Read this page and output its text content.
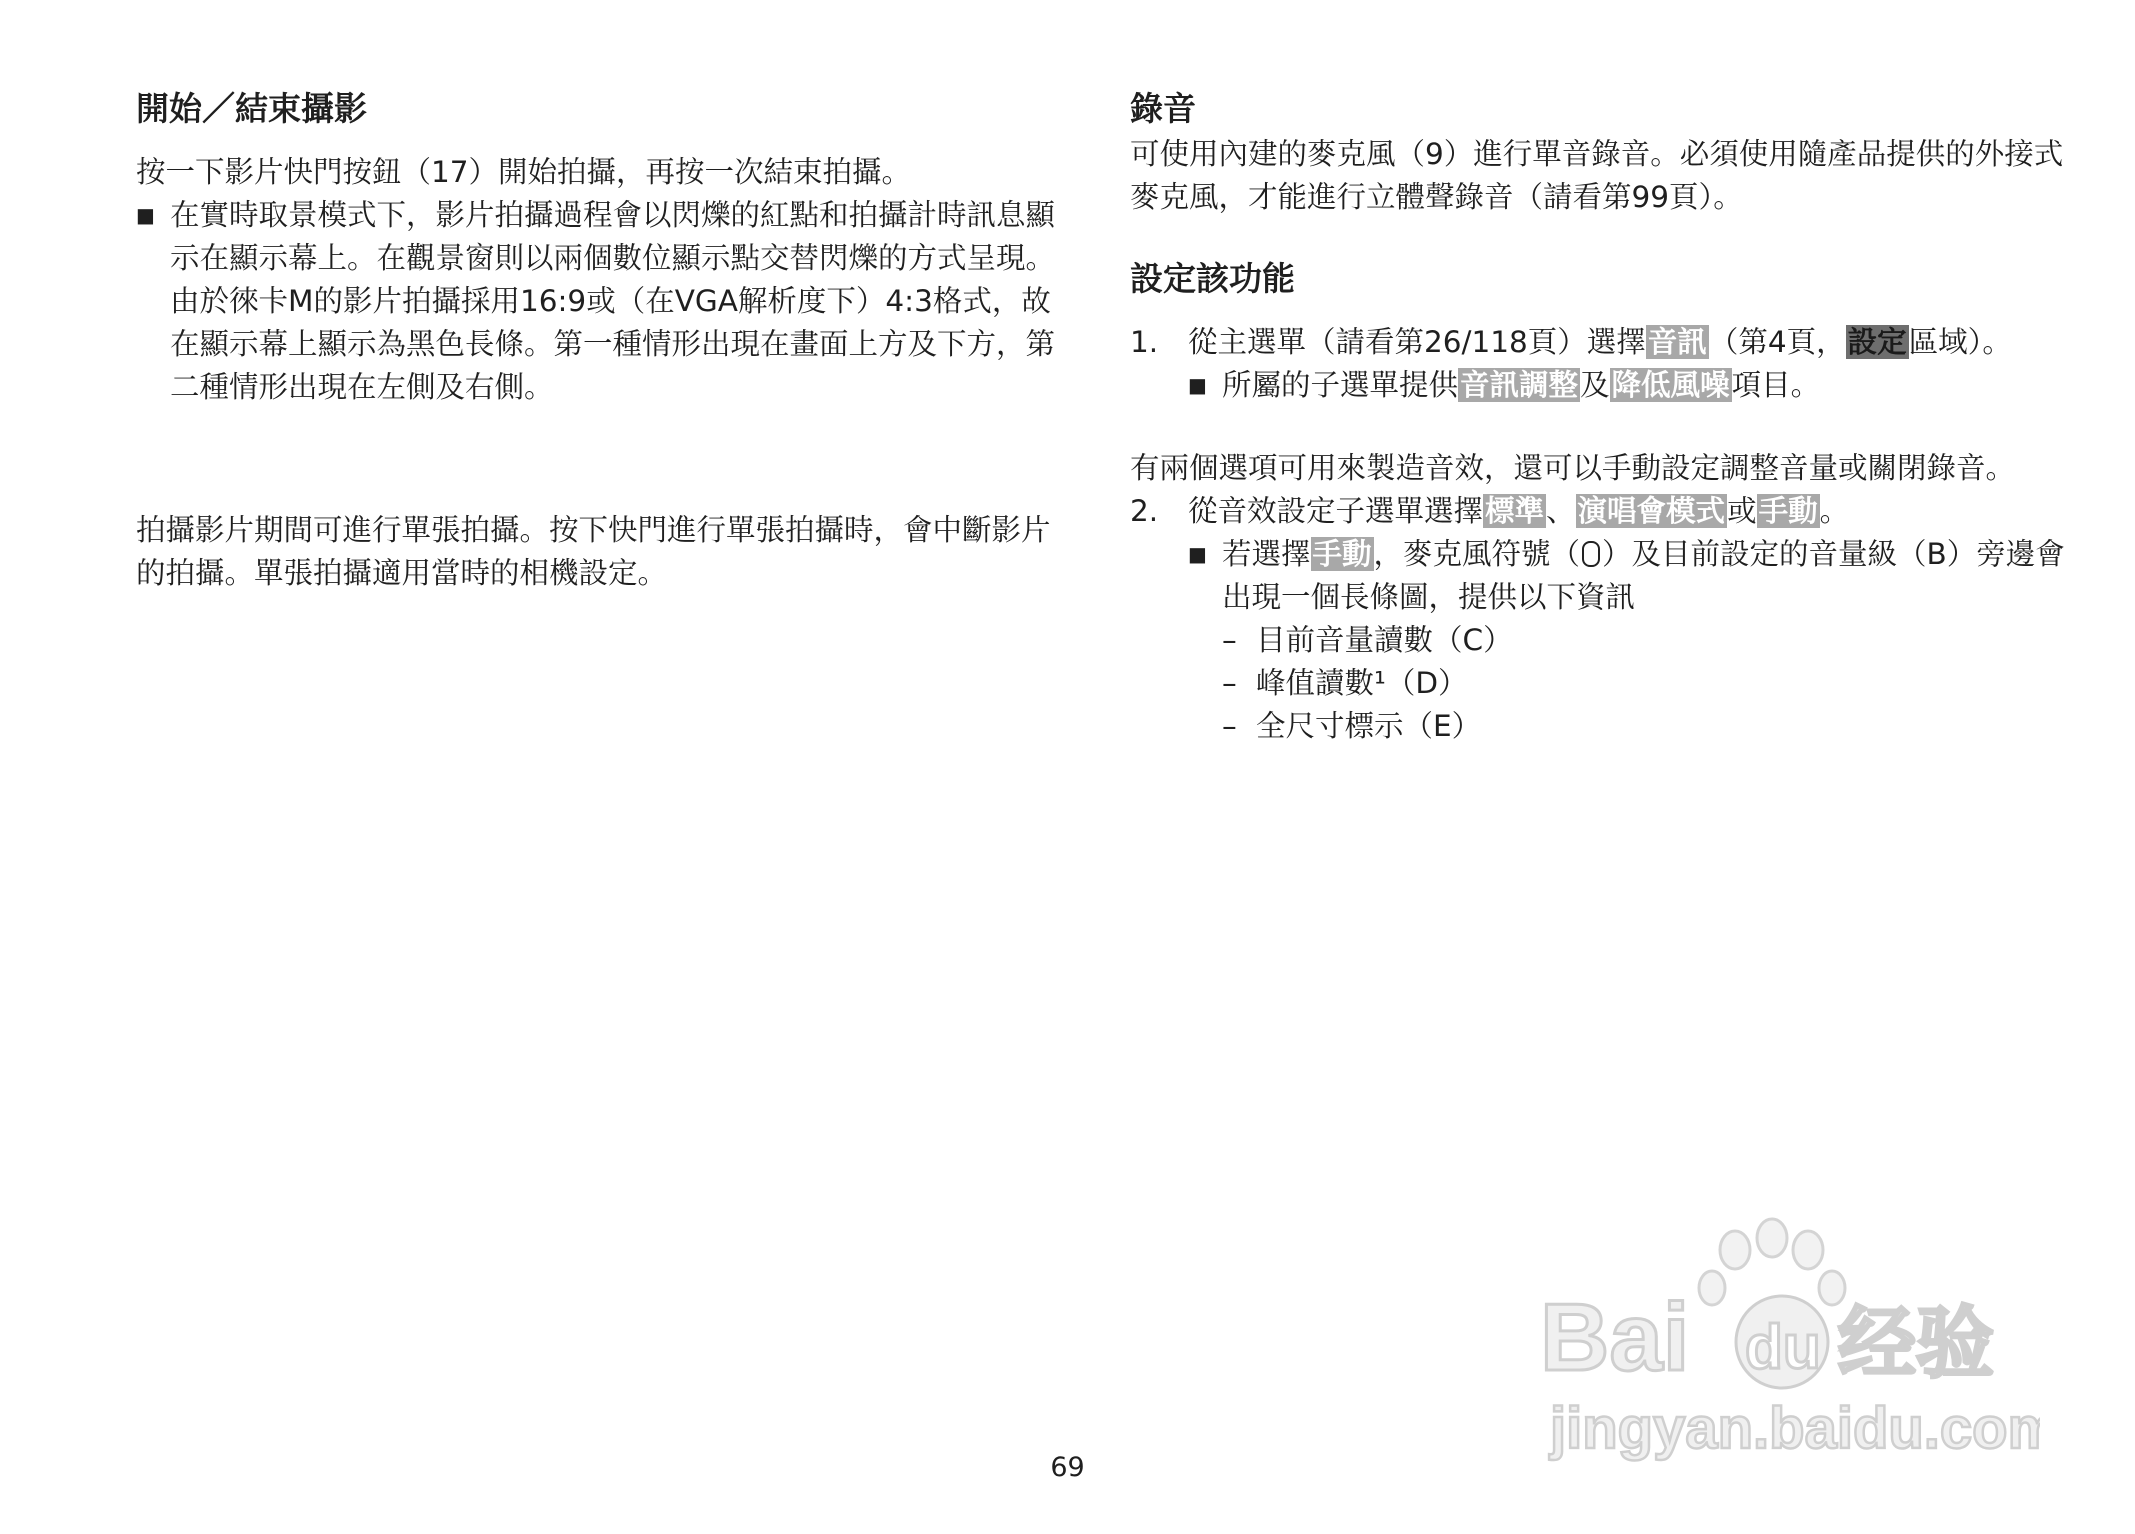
開始／結束攝影

按一下影片快門按鈕（17）開始拍攝，再按一次結束拍攝。

■ 在實時取景模式下，影片拍攝過程會以閃爍的紅點和拍攝計時訊息顯示在顯示幕上。在觀景窗則以兩個數位顯示點交替閃爍的方式呈現。

由於徠卡M的影片拍攝採用16:9或（在VGA解析度下）4:3格式，故在顯示幕上顯示為黑色長條。第一種情形出現在畫面上方及下方，第二種情形出現在左側及右側。

拍攝影片期間可進行單張拍攝。按下快門進行單張拍攝時，會中斷影片的拍攝。單張拍攝適用當時的相機設定。

錄音

可使用內建的麥克風（9）進行單音錄音。必須使用隨產品提供的外接式麥克風，才能進行立體聲錄音（請看第99頁）。

設定該功能
1.	從主選單（請看第26/118頁）選擇音訊（第4頁，設定區域）。
■ 所屬的子選單提供音訊調整及降低風噪項目。

有兩個選項可用來製造音效，還可以手動設定調整音量或關閉錄音。

2.	從音效設定子選單選擇標準、演唱會模式或手動。
■ 若選擇手動，麥克風符號（ ）及目前設定的音量級（B）旁邊會出現一個長條圖，提供以下資訊
– 目前音量讀數（C）
– 峰值讀數¹（D）
– 全尺寸標示（E）
Bai du 经验
jingyan.baidu.com
69
